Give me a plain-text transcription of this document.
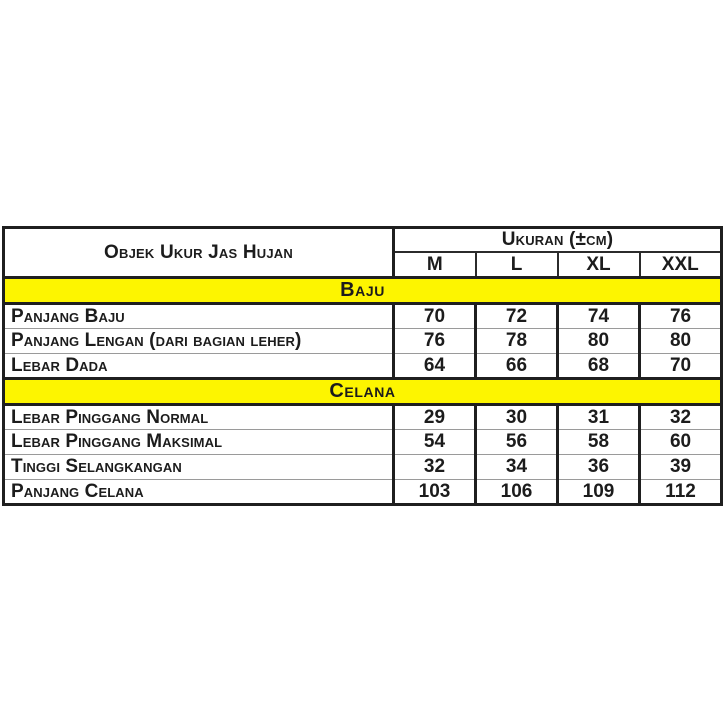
Objek Ukur Jas Hujan	Ukuran (±cm)			
	M	L	XL	XXL
Baju				
Panjang Baju	70	72	74	76
Panjang Lengan (dari bagian leher)	76	78	80	80
Lebar Dada	64	66	68	70
Celana				
Lebar Pinggang Normal	29	30	31	32
Lebar Pinggang Maksimal	54	56	58	60
Tinggi Selangkangan	32	34	36	39
Panjang Celana	103	106	109	112
